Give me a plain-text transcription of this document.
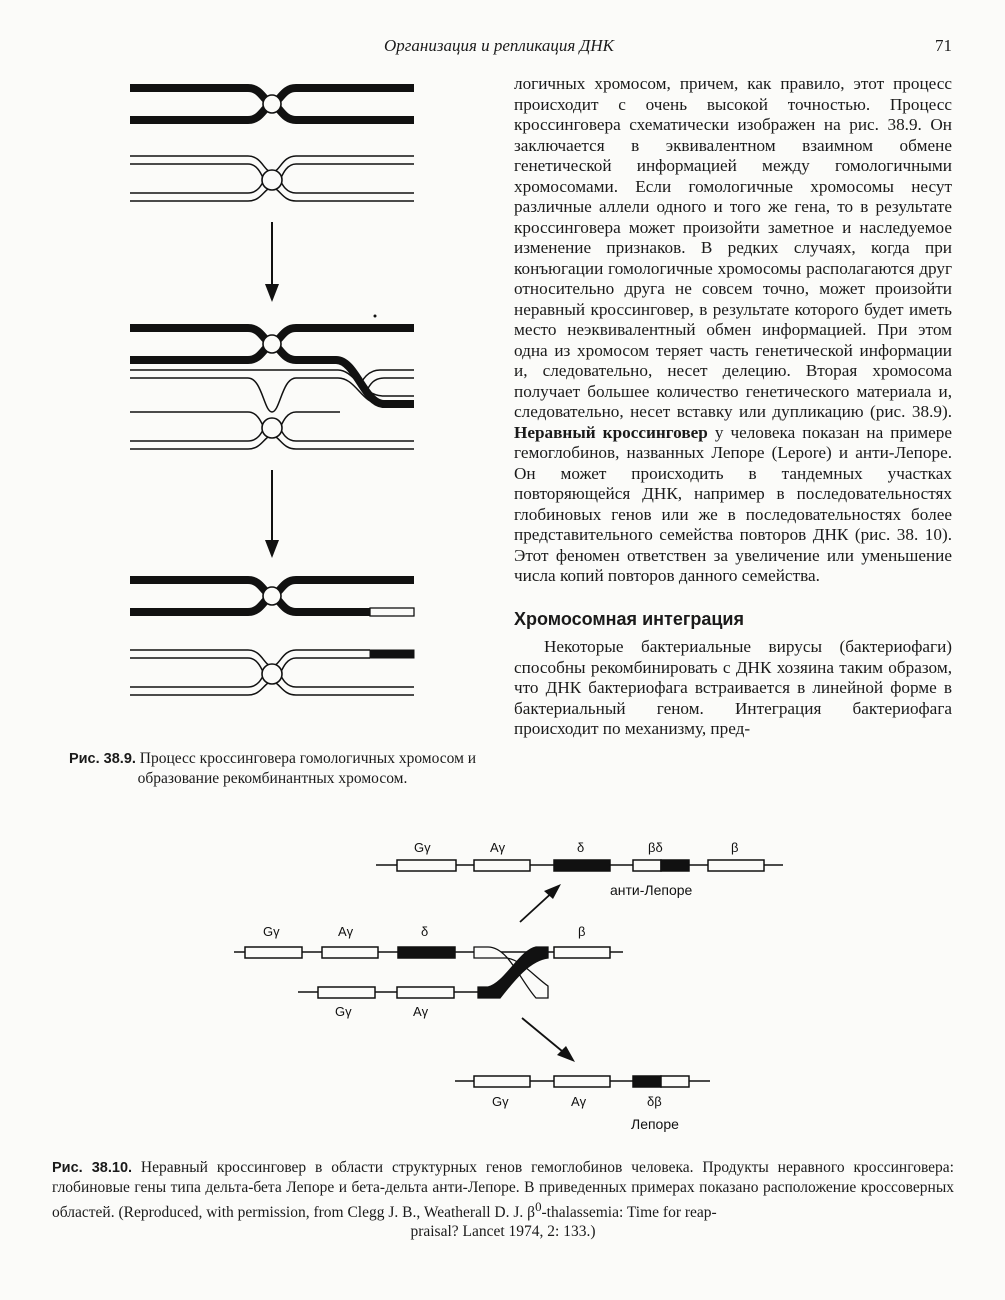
Организация и репликация ДНК	71

логичных хромосом, причем, как правило, этот процесс происходит с очень высокой точностью. Процесс кроссинговера схематически изображен на рис. 38.9. Он заключается в эквивалентном взаимном обмене генетической информацией между гомологичными хромосомами. Если гомологичные хромосомы несут различные аллели одного и того же гена, то в результате кроссинговера может произойти заметное и наследуемое изменение признаков. В редких случаях, когда при конъюгации гомологичные хромосомы располагаются друг относительно друга не совсем точно, может произойти неравный кроссинговер, в результате которого будет иметь место неэквивалентный обмен информацией. При этом одна из хромосом теряет часть генетической информации и, следовательно, несет делецию. Вторая хромосома получает большее количество генетического материала и, следовательно, несет вставку или дупликацию (рис. 38.9). Неравный кроссинговер у человека показан на примере гемоглобинов, названных Лепоре (Lepore) и анти-Лепоре. Он может происходить в тандемных участках повторяющейся ДНК, например в последовательностях глобиновых генов или же в последовательностях более представительного семейства повторов ДНК (рис. 38. 10). Этот феномен ответствен за увеличение или уменьшение числа копий повторов данного семейства.

Хромосомная интеграция

Некоторые бактериальные вирусы (бактериофаги) способны рекомбинировать с ДНК хозяина таким образом, что ДНК бактериофага встраивается в линейной форме в бактериальный геном. Интеграция бактериофага происходит по механизму, пред-

Рис. 38.9. Процесс кроссинговера гомологичных хромосом и образование рекомбинантных хромосом.
Gγ	Aγ	δ	βδ	β
анти-Лепоре
Gγ	Aγ	δ	β
Gγ	Aγ
Gγ	Aγ	δβ
Лепоре
Рис. 38.10. Неравный кроссинговер в области структурных генов гемоглобинов человека. Продукты неравного кроссинговера: глобиновые гены типа дельта-бета Лепоре и бета-дельта анти-Лепоре. В приведенных примерах показано расположение кроссоверных областей. (Reproduced, with permission, from Clegg J. B., Weatherall D. J. $\beta^0$-thalassemia: Time for reap-
praisal? Lancet 1974, 2: 133.)
